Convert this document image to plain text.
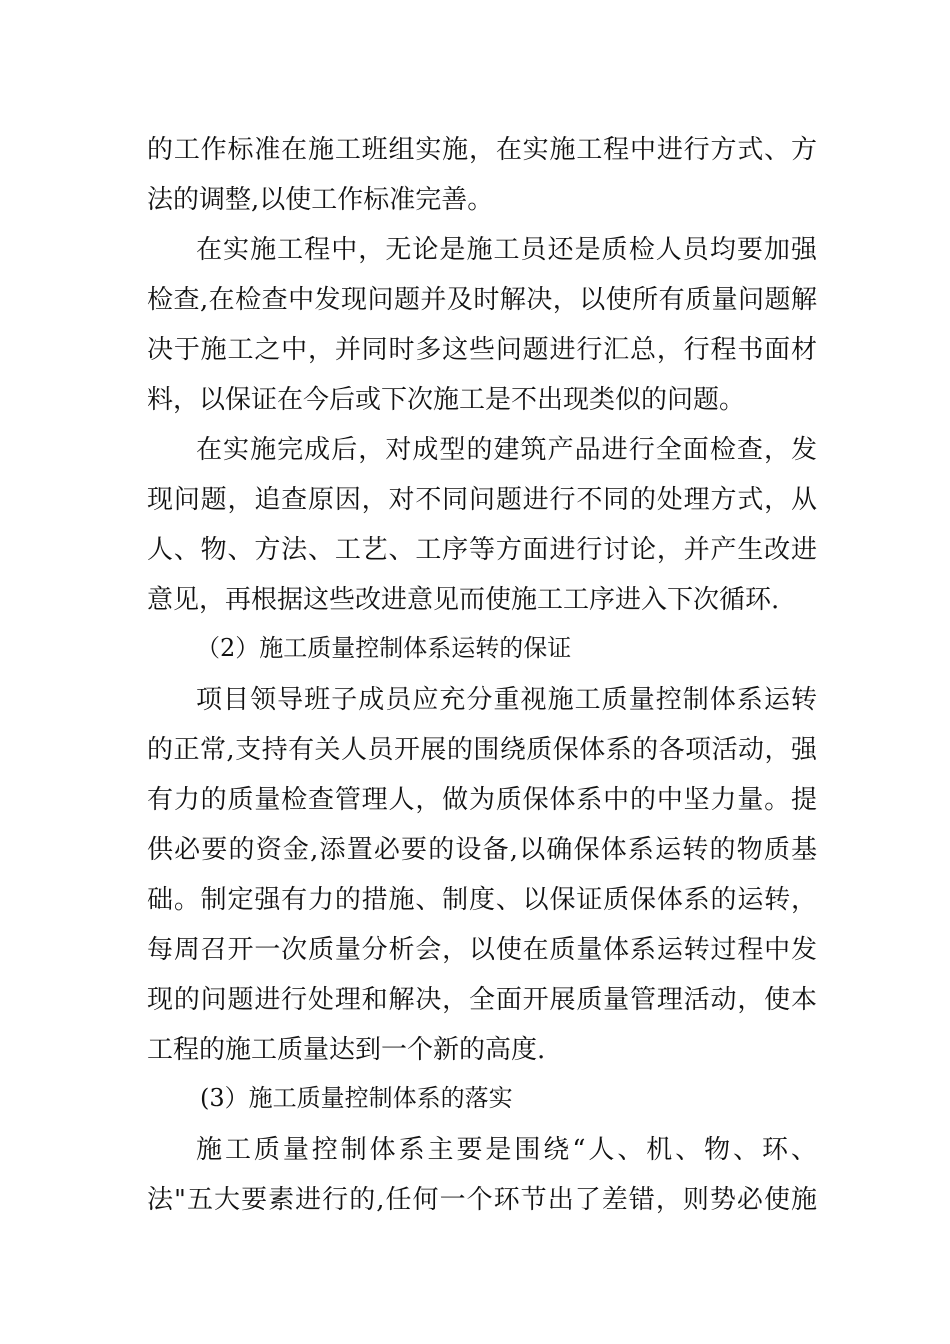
的工作标准在施工班组实施，在实施工程中进行方式、方
法的调整,以使工作标准完善。
在实施工程中，无论是施工员还是质检人员均要加强
检查,在检查中发现问题并及时解决，以使所有质量问题解
决于施工之中，并同时多这些问题进行汇总，行程书面材
料，以保证在今后或下次施工是不出现类似的问题。
在实施完成后，对成型的建筑产品进行全面检查，发
现问题，追查原因，对不同问题进行不同的处理方式，从
人、物、方法、工艺、工序等方面进行讨论，并产生改进
意见，再根据这些改进意见而使施工工序进入下次循环.
（2）施工质量控制体系运转的保证
项目领导班子成员应充分重视施工质量控制体系运转
的正常,支持有关人员开展的围绕质保体系的各项活动，强
有力的质量检查管理人，做为质保体系中的中坚力量。提
供必要的资金,添置必要的设备,以确保体系运转的物质基
础。制定强有力的措施、制度、以保证质保体系的运转，
每周召开一次质量分析会，以使在质量体系运转过程中发
现的问题进行处理和解决，全面开展质量管理活动，使本
工程的施工质量达到一个新的高度.
(3）施工质量控制体系的落实
施工质量控制体系主要是围绕“人、机、物、环、
法"五大要素进行的,任何一个环节出了差错，则势必使施
